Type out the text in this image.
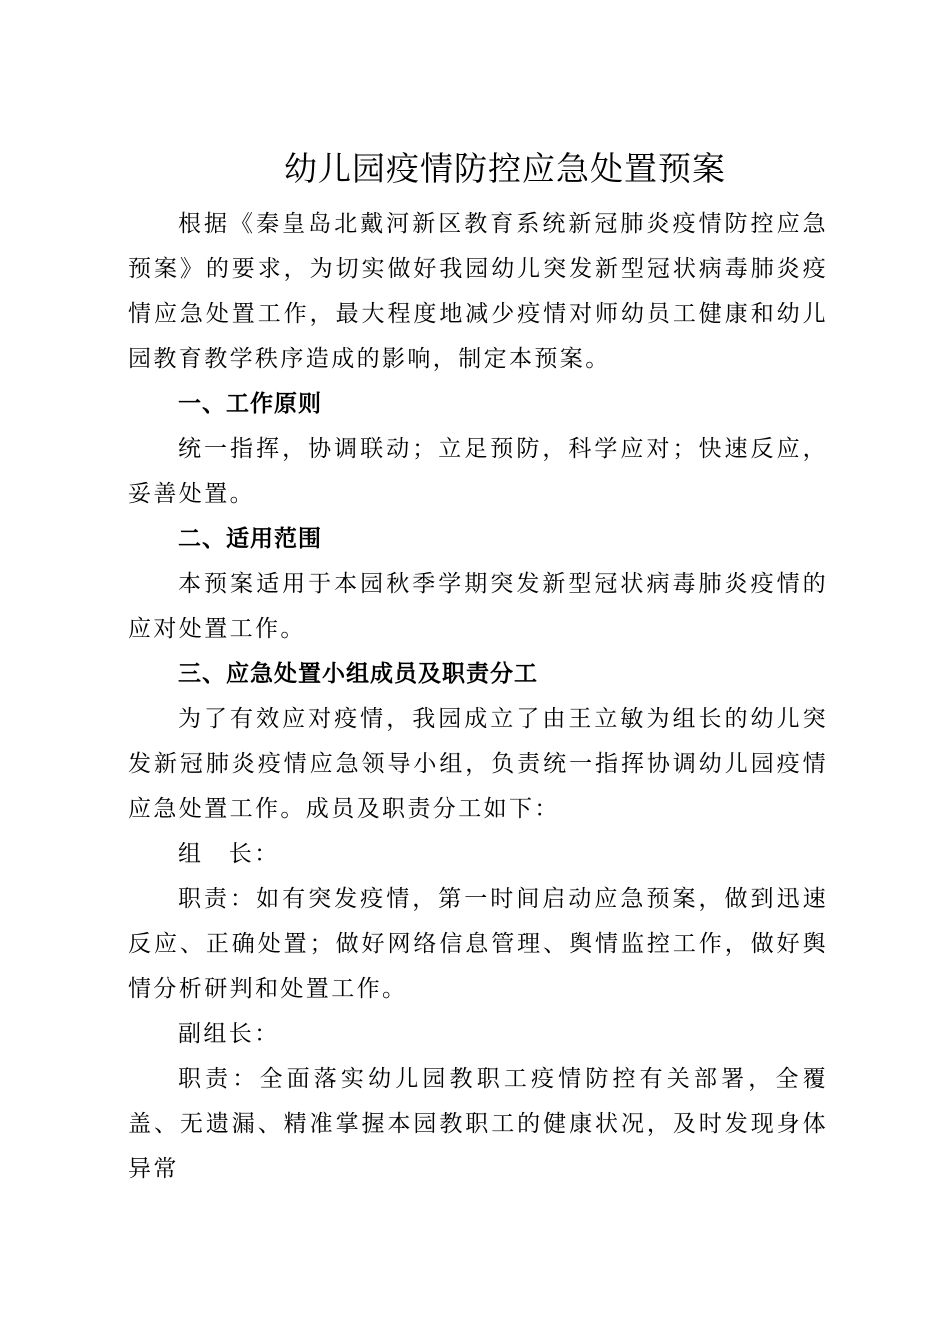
幼儿园疫情防控应急处置预案

根据《秦皇岛北戴河新区教育系统新冠肺炎疫情防控应急预案》的要求，为切实做好我园幼儿突发新型冠状病毒肺炎疫情应急处置工作，最大程度地减少疫情对师幼员工健康和幼儿园教育教学秩序造成的影响，制定本预案。

一、工作原则

统一指挥，协调联动；立足预防，科学应对；快速反应，妥善处置。

二、适用范围

本预案适用于本园秋季学期突发新型冠状病毒肺炎疫情的应对处置工作。

三、应急处置小组成员及职责分工

为了有效应对疫情，我园成立了由王立敏为组长的幼儿突发新冠肺炎疫情应急领导小组，负责统一指挥协调幼儿园疫情应急处置工作。成员及职责分工如下：

组　长：

职责：如有突发疫情，第一时间启动应急预案，做到迅速反应、正确处置；做好网络信息管理、舆情监控工作，做好舆情分析研判和处置工作。

副组长：

职责：全面落实幼儿园教职工疫情防控有关部署，全覆盖、无遗漏、精准掌握本园教职工的健康状况，及时发现身体异常
